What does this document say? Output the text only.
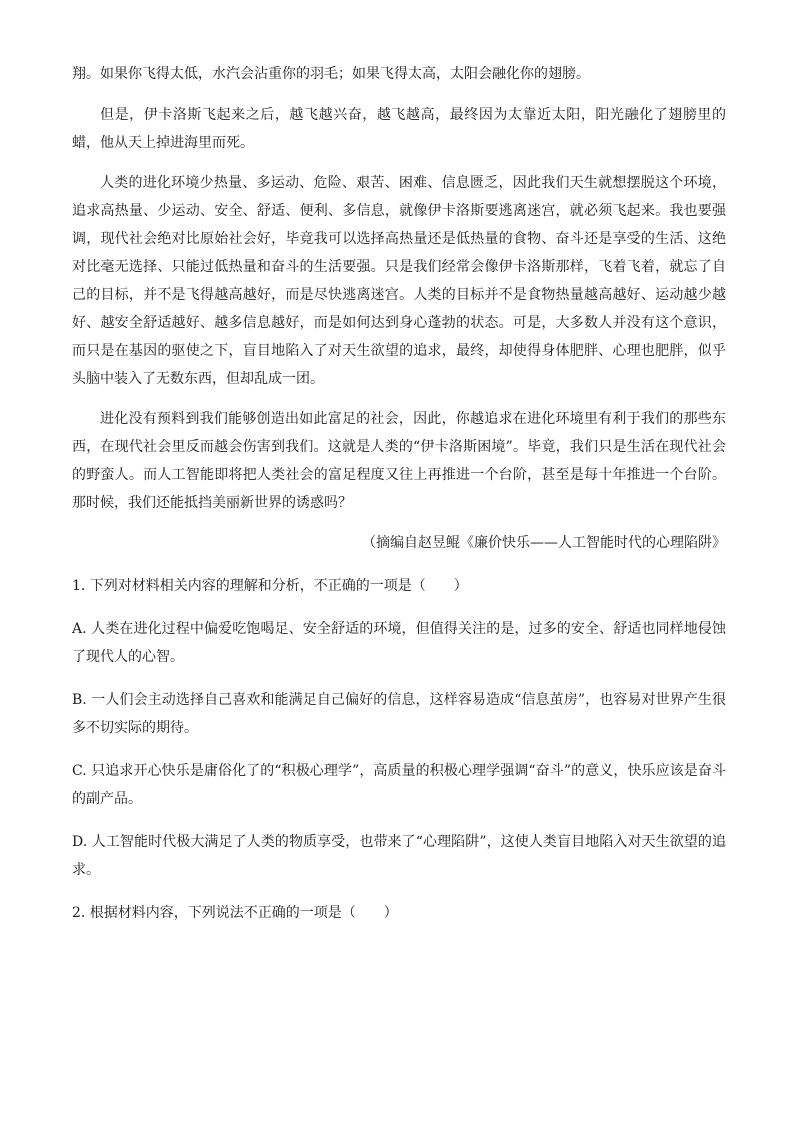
翔。如果你飞得太低，水汽会沾重你的羽毛；如果飞得太高，太阳会融化你的翅膀。

但是，伊卡洛斯飞起来之后，越飞越兴奋，越飞越高，最终因为太靠近太阳，阳光融化了翅膀里的蜡，他从天上掉进海里而死。

人类的进化环境少热量、多运动、危险、艰苦、困难、信息匮乏，因此我们天生就想摆脱这个环境，追求高热量、少运动、安全、舒适、便利、多信息，就像伊卡洛斯要逃离迷宫，就必须飞起来。我也要强调，现代社会绝对比原始社会好，毕竟我可以选择高热量还是低热量的食物、奋斗还是享受的生活、这绝对比毫无选择、只能过低热量和奋斗的生活要强。只是我们经常会像伊卡洛斯那样，飞着飞着，就忘了自己的目标，并不是飞得越高越好，而是尽快逃离迷宫。人类的目标并不是食物热量越高越好、运动越少越好、越安全舒适越好、越多信息越好，而是如何达到身心蓬勃的状态。可是，大多数人并没有这个意识，而只是在基因的驱使之下，盲目地陷入了对天生欲望的追求，最终，却使得身体肥胖、心理也肥胖，似乎头脑中装入了无数东西，但却乱成一团。

进化没有预料到我们能够创造出如此富足的社会，因此，你越追求在进化环境里有利于我们的那些东西，在现代社会里反而越会伤害到我们。这就是人类的“伊卡洛斯困境”。毕竟，我们只是生活在现代社会的野蛮人。而人工智能即将把人类社会的富足程度又往上再推进一个台阶，甚至是每十年推进一个台阶。那时候，我们还能抵挡美丽新世界的诱惑吗？

（摘编自赵昱鲲《廉价快乐——人工智能时代的心理陷阱》

1. 下列对材料相关内容的理解和分析，不正确的一项是（　　）

A. 人类在进化过程中偏爱吃饱喝足、安全舒适的环境，但值得关注的是，过多的安全、舒适也同样地侵蚀了现代人的心智。

B. 一人们会主动选择自己喜欢和能满足自己偏好的信息，这样容易造成“信息茧房”，也容易对世界产生很多不切实际的期待。

C. 只追求开心快乐是庸俗化了的“积极心理学”，高质量的积极心理学强调“奋斗”的意义，快乐应该是奋斗的副产品。

D. 人工智能时代极大满足了人类的物质享受，也带来了“心理陷阱”，这使人类盲目地陷入对天生欲望的追求。

2. 根据材料内容，下列说法不正确的一项是（　　）
